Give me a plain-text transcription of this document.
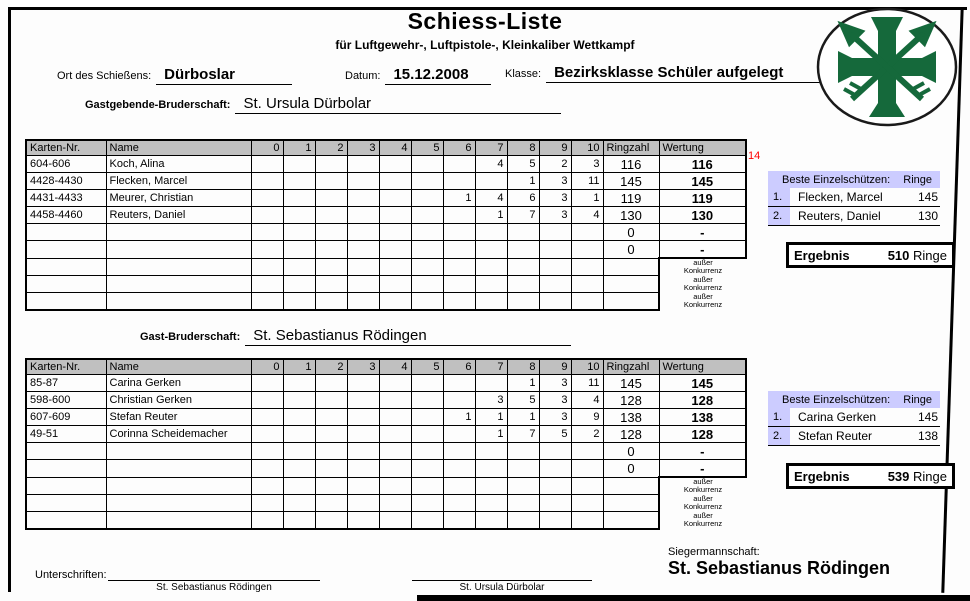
Schiess-Liste
für Luftgewehr-, Luftpistole-, Kleinkaliber Wettkampf
Ort des Schießens: Dürboslar	Datum: 15.12.2008	Klasse: Bezirksklasse Schüler aufgelegt
Gastgebende-Bruderschaft: St. Ursula Dürbolar
Karten-Nr.	Name	0	1	2	3	4	5	6	7	8	9	10	Ringzahl	Wertung
604-606	Koch, Alina								4	5	2	3	116	116
4428-4430	Flecken, Marcel									1	3	11	145	145
4431-4433	Meurer, Christian							1	4	6	3	1	119	119
4458-4460	Reuters, Daniel								1	7	3	4	130	130
													0	-
													0	-

														außer
Konkurrenz

														außer
Konkurrenz

														außer
Konkurrenz
14
Beste Einzelschützen: Ringe
1.	Flecken, Marcel	145
2.	Reuters, Daniel	130
Ergebnis	510 Ringe
Gast-Bruderschaft: St. Sebastianus Rödingen
Karten-Nr.	Name	0	1	2	3	4	5	6	7	8	9	10	Ringzahl	Wertung
85-87	Carina Gerken									1	3	11	145	145
598-600	Christian Gerken								3	5	3	4	128	128
607-609	Stefan Reuter							1	1	1	3	9	138	138
49-51	Corinna Scheidemacher								1	7	5	2	128	128
													0	-
													0	-

														außer
Konkurrenz

														außer
Konkurrenz

														außer
Konkurrenz
Beste Einzelschützen: Ringe
1.	Carina Gerken	145
2.	Stefan Reuter	138
Ergebnis	539 Ringe
Siegermannschaft:
St. Sebastianus Rödingen
Unterschriften:
St. Sebastianus Rödingen	St. Ursula Dürbolar
